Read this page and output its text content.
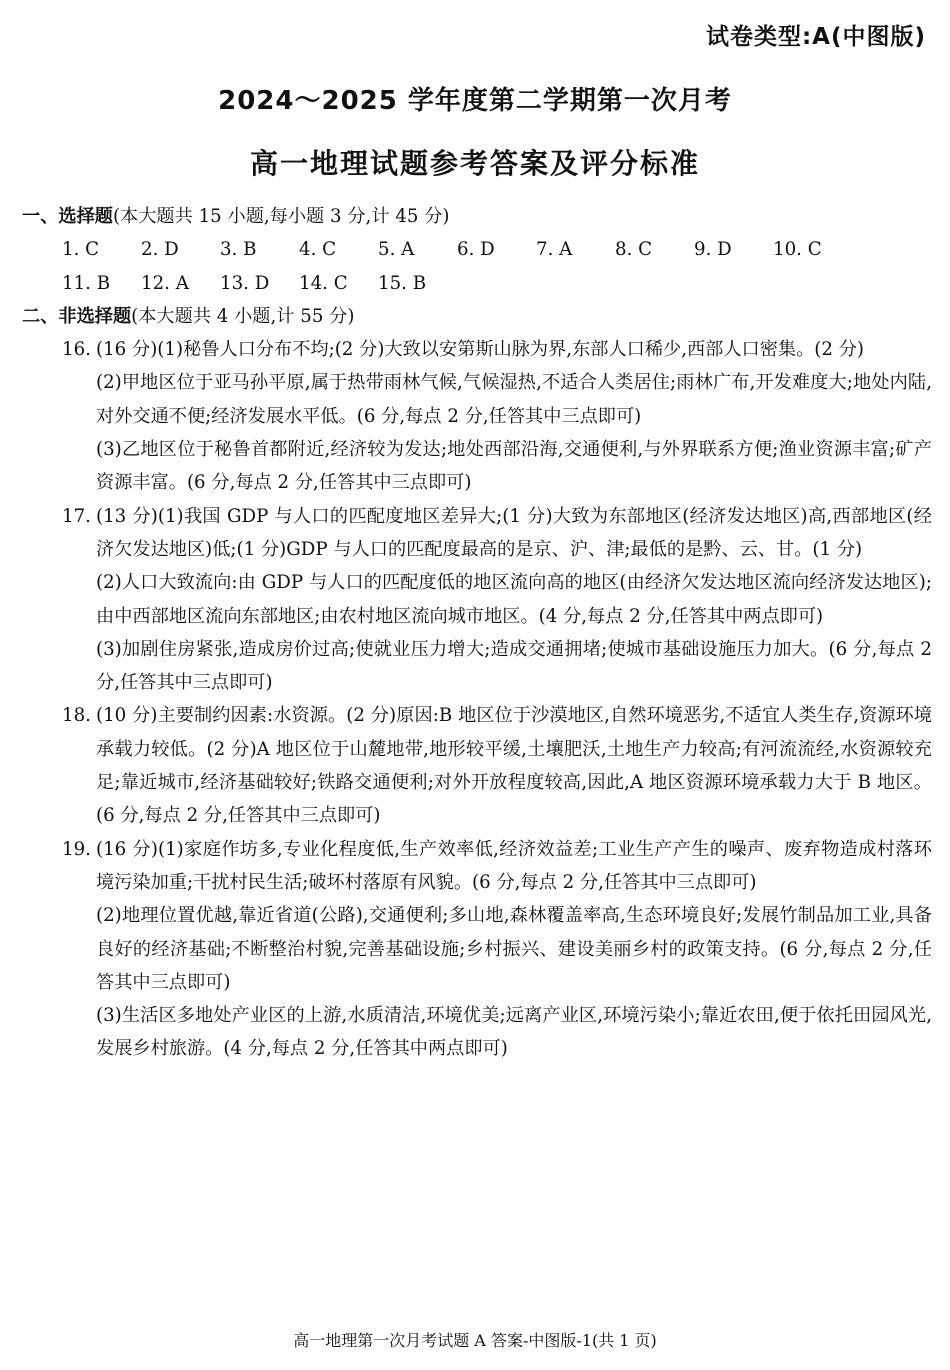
试卷类型:A(中图版)
2024～2025 学年度第二学期第一次月考
高一地理试题参考答案及评分标准
一、选择题(本大题共 15 小题,每小题 3 分,计 45 分)
1. C	2. D	3. B	4. C	5. A	6. D	7. A	8. C	9. D	10. C
11. B	12. A	13. D	14. C	15. B
二、非选择题(本大题共 4 小题,计 55 分)

16. (16 分)(1)秘鲁人口分布不均;(2 分)大致以安第斯山脉为界,东部人口稀少,西部人口密集。(2 分)

(2)甲地区位于亚马孙平原,属于热带雨林气候,气候湿热,不适合人类居住;雨林广布,开发难度大;地处内陆,对外交通不便;经济发展水平低。(6 分,每点 2 分,任答其中三点即可)

(3)乙地区位于秘鲁首都附近,经济较为发达;地处西部沿海,交通便利,与外界联系方便;渔业资源丰富;矿产资源丰富。(6 分,每点 2 分,任答其中三点即可)

17. (13 分)(1)我国 GDP 与人口的匹配度地区差异大;(1 分)大致为东部地区(经济发达地区)高,西部地区(经济欠发达地区)低;(1 分)GDP 与人口的匹配度最高的是京、沪、津;最低的是黔、云、甘。(1 分)

(2)人口大致流向:由 GDP 与人口的匹配度低的地区流向高的地区(由经济欠发达地区流向经济发达地区);由中西部地区流向东部地区;由农村地区流向城市地区。(4 分,每点 2 分,任答其中两点即可)

(3)加剧住房紧张,造成房价过高;使就业压力增大;造成交通拥堵;使城市基础设施压力加大。(6 分,每点 2 分,任答其中三点即可)

18. (10 分)主要制约因素:水资源。(2 分)原因:B 地区位于沙漠地区,自然环境恶劣,不适宜人类生存,资源环境承载力较低。(2 分)A 地区位于山麓地带,地形较平缓,土壤肥沃,土地生产力较高;有河流流经,水资源较充足;靠近城市,经济基础较好;铁路交通便利;对外开放程度较高,因此,A 地区资源环境承载力大于 B 地区。(6 分,每点 2 分,任答其中三点即可)

19. (16 分)(1)家庭作坊多,专业化程度低,生产效率低,经济效益差;工业生产产生的噪声、废弃物造成村落环境污染加重;干扰村民生活;破坏村落原有风貌。(6 分,每点 2 分,任答其中三点即可)

(2)地理位置优越,靠近省道(公路),交通便利;多山地,森林覆盖率高,生态环境良好;发展竹制品加工业,具备良好的经济基础;不断整治村貌,完善基础设施;乡村振兴、建设美丽乡村的政策支持。(6 分,每点 2 分,任答其中三点即可)

(3)生活区多地处产业区的上游,水质清洁,环境优美;远离产业区,环境污染小;靠近农田,便于依托田园风光,发展乡村旅游。(4 分,每点 2 分,任答其中两点即可)

高一地理第一次月考试题 A 答案-中图版-1(共 1 页)
